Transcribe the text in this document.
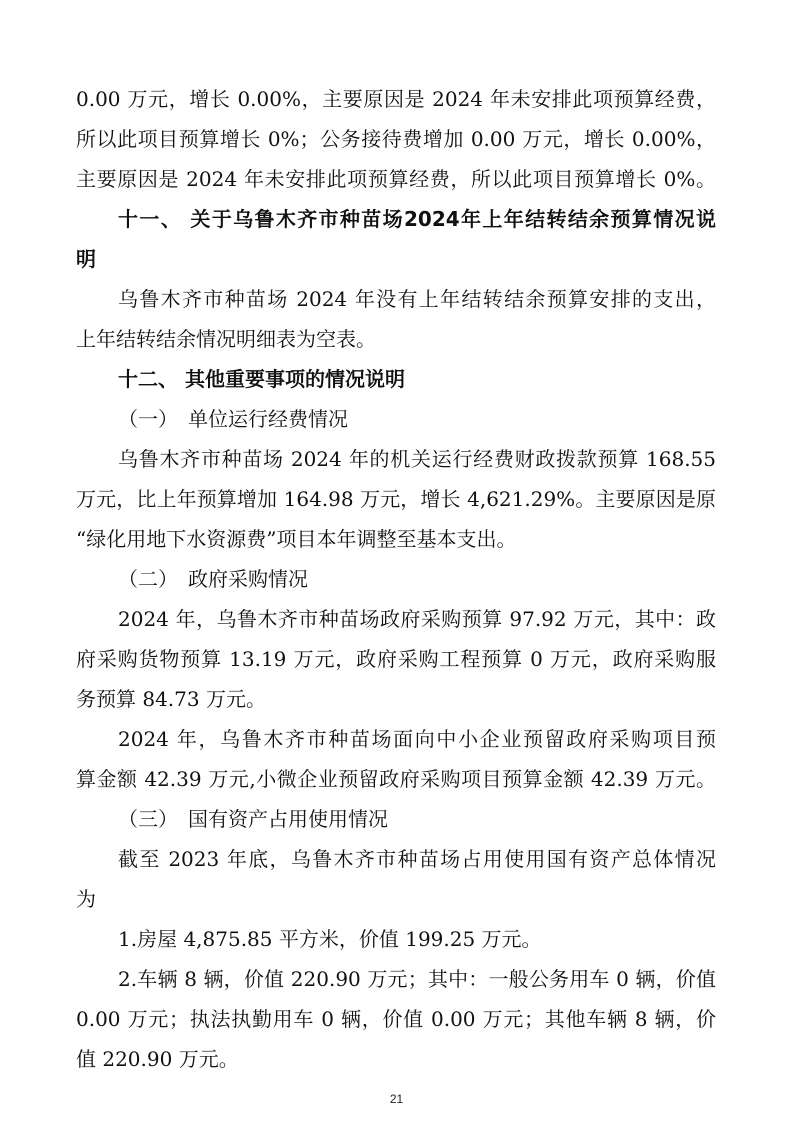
0.00 万元，增长 0.00%，主要原因是 2024 年未安排此项预算经费，
所以此项目预算增长 0%；公务接待费增加 0.00 万元，增长 0.00%，
主要原因是 2024 年未安排此项预算经费，所以此项目预算增长 0%。
十一、 关于乌鲁木齐市种苗场2024年上年结转结余预算情况说
明
乌鲁木齐市种苗场 2024 年没有上年结转结余预算安排的支出，
上年结转结余情况明细表为空表。
十二、 其他重要事项的情况说明
（一） 单位运行经费情况
乌鲁木齐市种苗场 2024 年的机关运行经费财政拨款预算 168.55
万元，比上年预算增加 164.98 万元，增长 4,621.29%。主要原因是原
“绿化用地下水资源费”项目本年调整至基本支出。
（二） 政府采购情况
2024 年，乌鲁木齐市种苗场政府采购预算 97.92 万元，其中：政
府采购货物预算 13.19 万元，政府采购工程预算 0 万元，政府采购服
务预算 84.73 万元。
2024 年，乌鲁木齐市种苗场面向中小企业预留政府采购项目预
算金额 42.39 万元,小微企业预留政府采购项目预算金额 42.39 万元。
（三） 国有资产占用使用情况
截至 2023 年底，乌鲁木齐市种苗场占用使用国有资产总体情况
为
1.房屋 4,875.85 平方米，价值 199.25 万元。
2.车辆 8 辆，价值 220.90 万元；其中：一般公务用车 0 辆，价值
0.00 万元；执法执勤用车 0 辆，价值 0.00 万元；其他车辆 8 辆，价
值 220.90 万元。
21
